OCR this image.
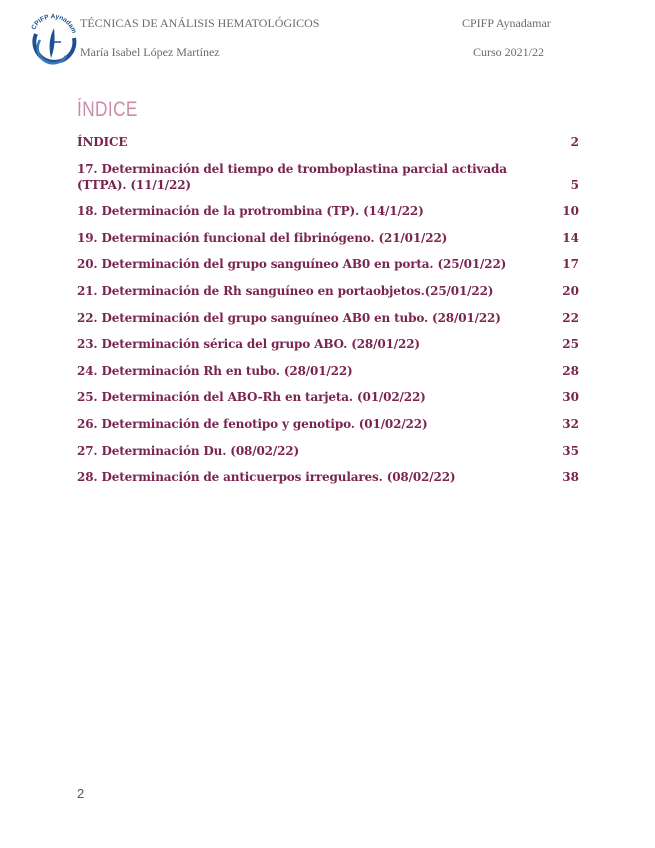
CPIFP Aynadam
TÉCNICAS DE ANÁLISIS HEMATOLÓGICOS	CPIFP Aynadamar
María Isabel López Martínez	Curso 2021/22
ÍNDICE
ÍNDICE	2
17. Determinación del tiempo de tromboplastina parcial activada (TTPA). (11/1/22)	5
18. Determinación de la protrombina (TP). (14/1/22)	10
19. Determinación funcional del fibrinógeno. (21/01/22)	14
20. Determinación del grupo sanguíneo AB0 en porta. (25/01/22)	17
21. Determinación de Rh sanguíneo en portaobjetos.(25/01/22)	20
22. Determinación del grupo sanguíneo AB0 en tubo. (28/01/22)	22
23. Determinación sérica del grupo ABO. (28/01/22)	25
24. Determinación Rh en tubo. (28/01/22)	28
25. Determinación del ABO-Rh en tarjeta. (01/02/22)	30
26. Determinación de fenotipo y genotipo. (01/02/22)	32
27. Determinación Du. (08/02/22)	35
28. Determinación de anticuerpos irregulares. (08/02/22)	38
2
